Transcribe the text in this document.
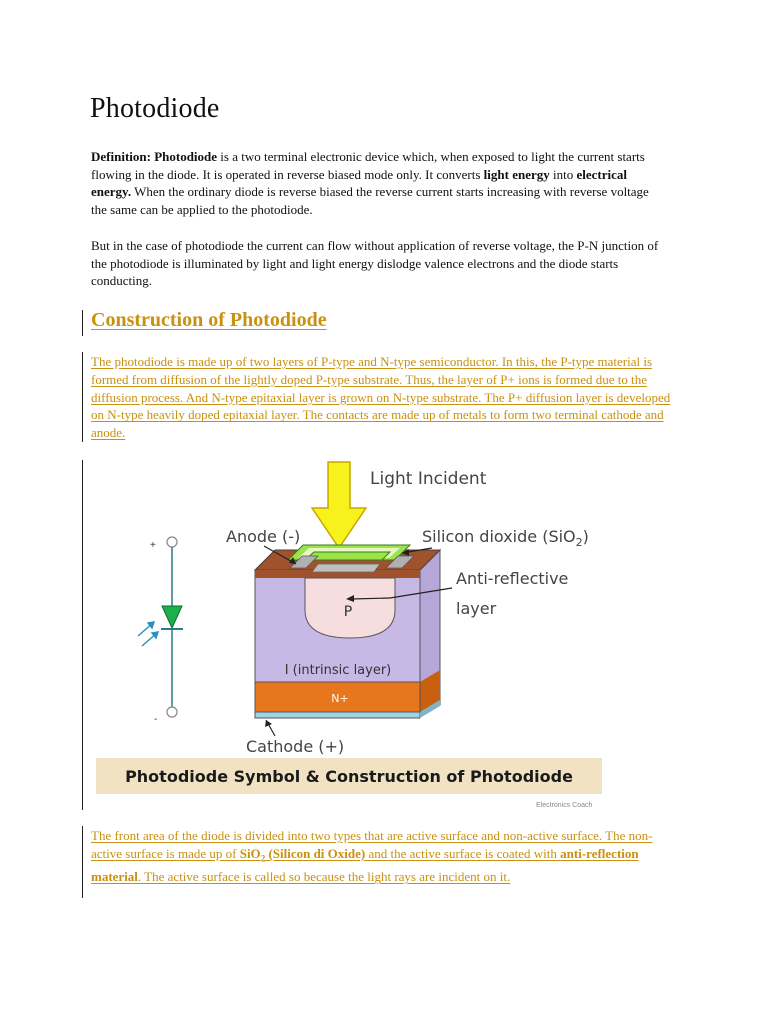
Photodiode

Definition: Photodiode is a two terminal electronic device which, when exposed to light the current starts flowing in the diode. It is operated in reverse biased mode only. It converts light energy into electrical energy. When the ordinary diode is reverse biased the reverse current starts increasing with reverse voltage the same can be applied to the photodiode.

But in the case of photodiode the current can flow without application of reverse voltage, the P-N junction of the photodiode is illuminated by light and light energy dislodge valence electrons and the diode starts conducting.

Construction of Photodiode

The photodiode is made up of two layers of P-type and N-type semiconductor. In this, the P-type material is formed from diffusion of the lightly doped P-type substrate. Thus, the layer of P+ ions is formed due to the diffusion process. And N-type epitaxial layer is grown on N-type substrate. The P+ diffusion layer is developed on N-type heavily doped epitaxial layer. The contacts are made up of metals to form two terminal cathode and anode.

+
-
Light Incident
P
I (intrinsic layer)
N+
Anode (-)	Silicon dioxide (SiO$_2$)
Anti-reflective
layer
Cathode (+)
Photodiode Symbol & Construction of Photodiode
Electronics Coach

The front area of the diode is divided into two types that are active surface and non-active surface. The non-active surface is made up of SiO$_2$ (Silicon di Oxide) and the active surface is coated with anti-reflection material. The active surface is called so because the light rays are incident on it.
